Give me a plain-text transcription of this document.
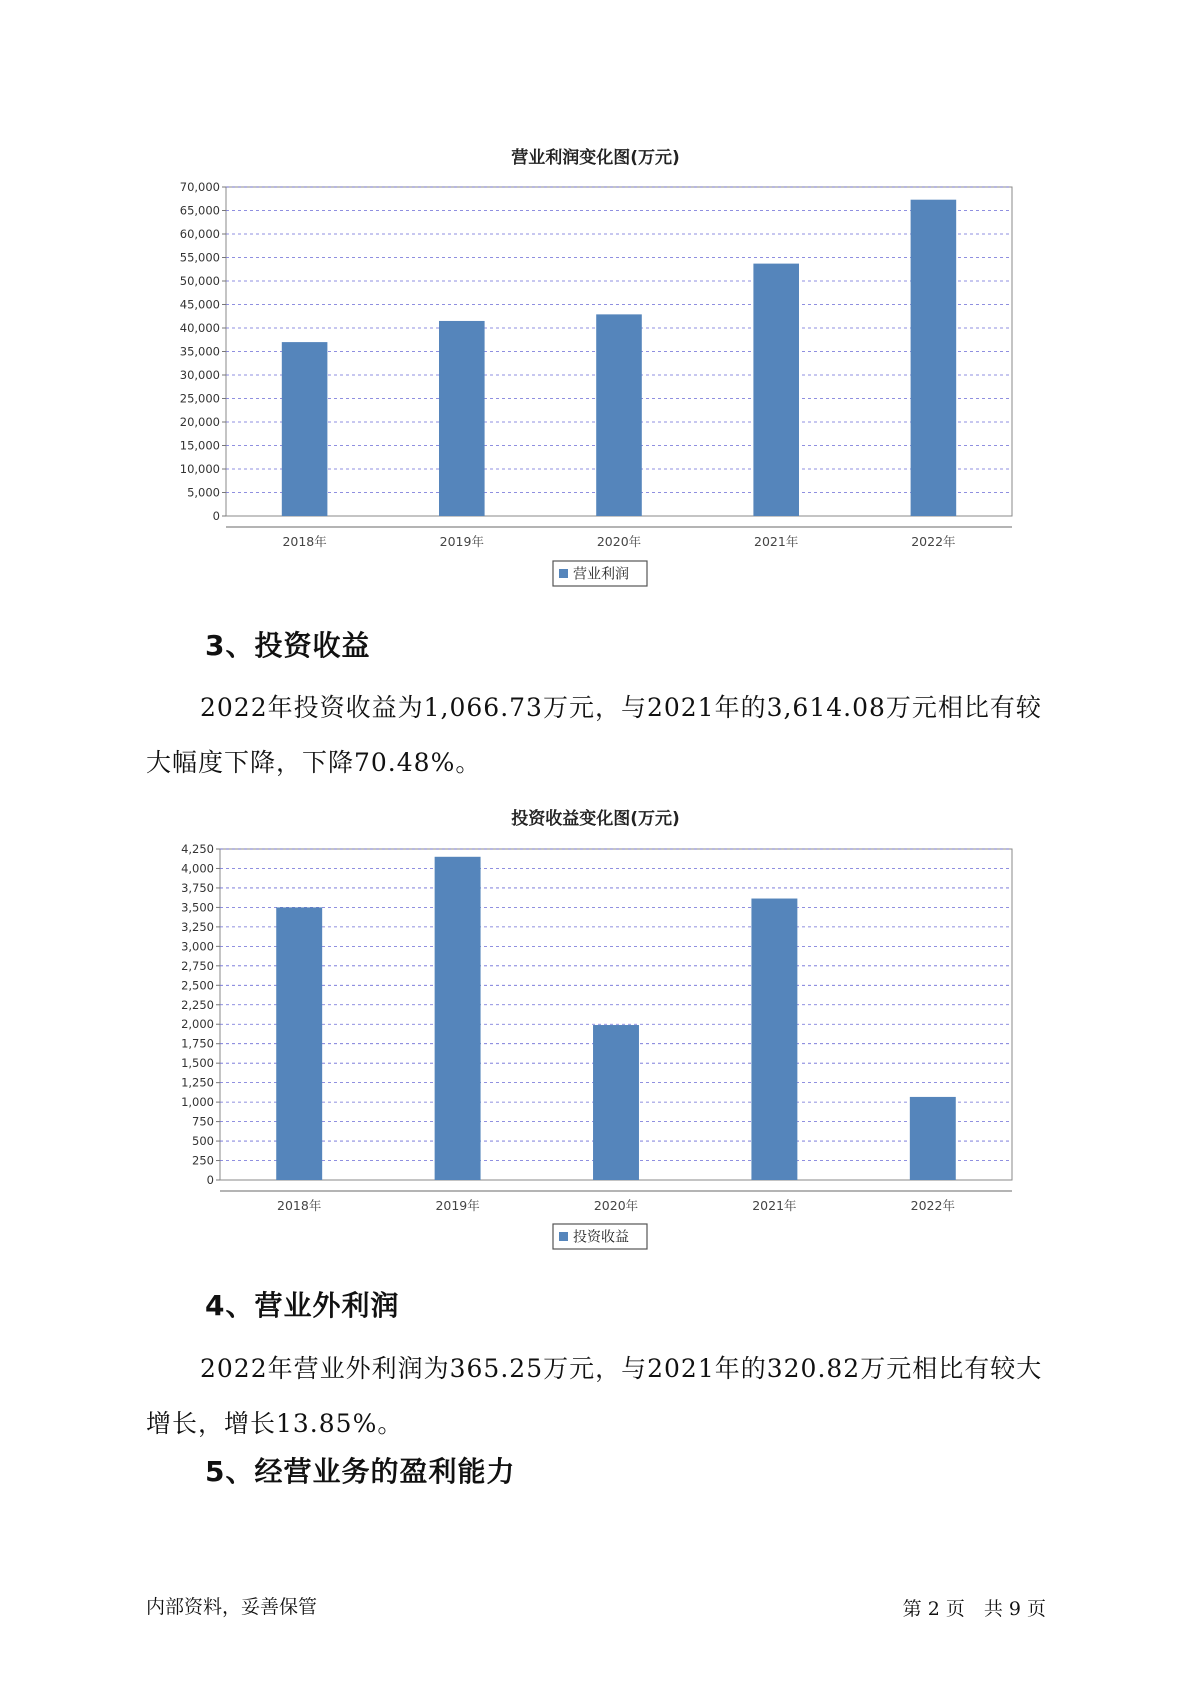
营业利润变化图(万元)
0
5,000
10,000
15,000
20,000
25,000
30,000
35,000
40,000
45,000
50,000
55,000
60,000
65,000
70,000
2018年	2019年	2020年	2021年	2022年
营业利润
3、投资收益

2022年投资收益为1,066.73万元，与2021年的3,614.08万元相比有较大幅度下降，下降70.48%。

投资收益变化图(万元)
0
250
500
750
1,000
1,250
1,500
1,750
2,000
2,250
2,500
2,750
3,000
3,250
3,500
3,750
4,000
4,250
2018年	2019年	2020年	2021年	2022年
投资收益
4、营业外利润

2022年营业外利润为365.25万元，与2021年的320.82万元相比有较大增长，增长13.85%。

5、经营业务的盈利能力
内部资料，妥善保管	第 2 页　共 9 页
